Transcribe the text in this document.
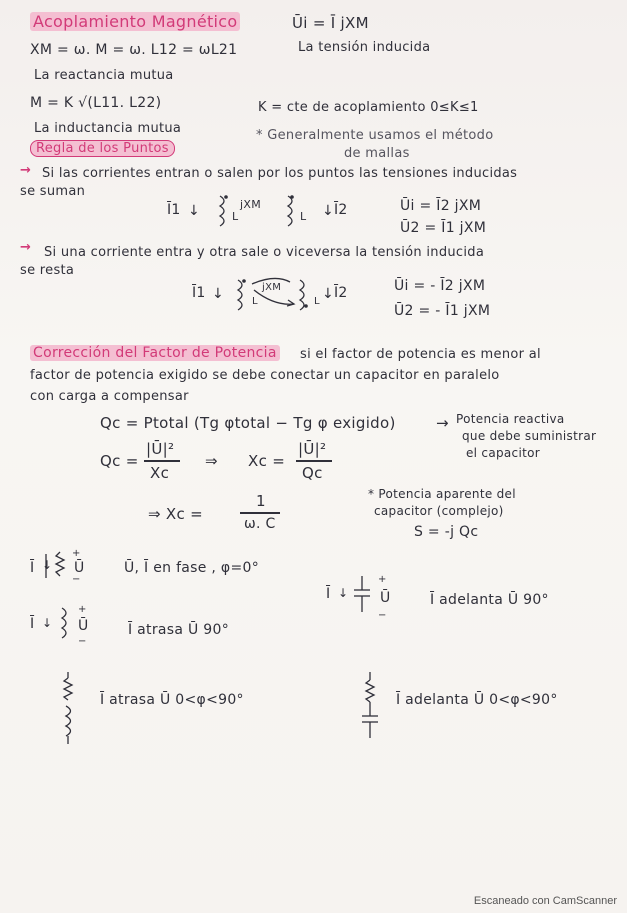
Acoplamiento Magnético	Ūi = Ī jXM
La tensión inducida
XM = ω. M = ω. L12 = ωL21
La reactancia mutua
M = K √(L11. L22)	K = cte de acoplamiento 0≤K≤1
La inductancia mutua	* Generalmente usamos el método
de mallas
Regla de los Puntos
→ Si las corrientes entran o salen por los puntos las tensiones inducidas
se suman
Ī1 ↓	L
jXM
L ↓ Ī2	Ūi = Ī2 jXM
Ū2 = Ī1 jXM
→ Si una corriente entra y otra sale o viceversa la tensión inducida
se resta
Ī1 ↓	L
jXM
L ↓ Ī2	Ūi = - Ī2 jXM
Ū2 = - Ī1 jXM
Corrección del Factor de Potencia si el factor de potencia es menor al
factor de potencia exigido se debe conectar un capacitor en paralelo
con carga a compensar
Qc = Ptotal (Tg φtotal − Tg φ exigido)	→ Potencia reactiva
que debe suministrar
el capacitor
Qc =
|Ū|²
Xc
⇒ Xc =
|Ū|²
Qc
⇒ Xc =
1
ω. C
* Potencia aparente del
capacitor (complejo)
S = -j Qc
Ī
+
−
↓ Ū	Ū, Ī en fase , φ=0°
Ī ↓
+
−
Ū	Ī adelanta Ū 90°
Ī ↓
+
−
Ū	Ī atrasa Ū 90°
Ī atrasa Ū 0<φ<90°	Ī adelanta Ū 0<φ<90°
Escaneado con CamScanner
